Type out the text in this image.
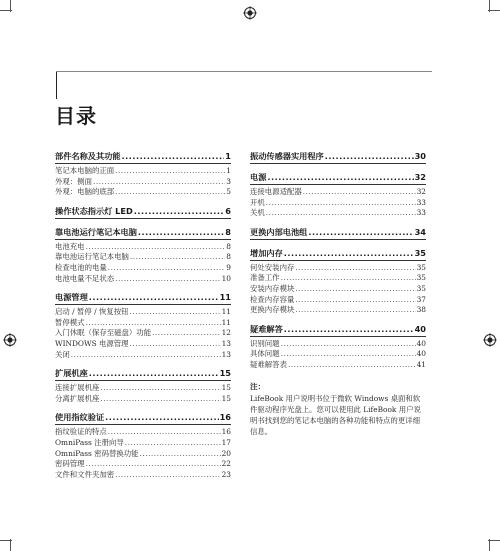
目录
部件名称及其功能 .....	1
笔记本电脑的正面 .....	1
外观：侧面 .....	3
外观：电脑的底部 .....	5
操作状态指示灯 LED .....	6
靠电池运行笔记本电脑 .....	8
电池充电 .....	8
靠电池运行笔记本电脑 .....	8
检查电池的电量 .....	9
电池电量不足状态 .....	10
电源管理 .....	11
启动 / 暂停 / 恢复按钮 .....	11
暂停模式 .....	11
入门休眠（保存至磁盘）功能 .....	12
WINDOWS 电源管理 .....	13
关闭 .....	13
扩展机座 .....	15
连接扩展机座 .....	15
分离扩展机座 .....	15
使用指纹验证 .....	16
指纹验证的特点 .....	16
OmniPass 注册向导 .....	17
OmniPass 密码替换功能 .....	20
密码管理 .....	22
文件和文件夹加密 .....	23
振动传感器实用程序 .....	30
电源 .....	32
连接电源适配器 .....	32
开机 .....	33
关机 .....	33
更换内部电池组 .....	34
增加内存 .....	35
何处安装内存 .....	35
准备工作 .....	35
安装内存模块 .....	35
检查内存容量 .....	37
更换内存模块 .....	38
疑难解答 .....	40
识别问题 .....	40
具体问题 .....	40
疑难解答表 .....	41
注：
LifeBook 用户说明书位于微软 Windows 桌面和软件驱动程序光盘上。您可以使用此 LifeBook 用户说明书找到您的笔记本电脑的各种功能和特点的更详细信息。
